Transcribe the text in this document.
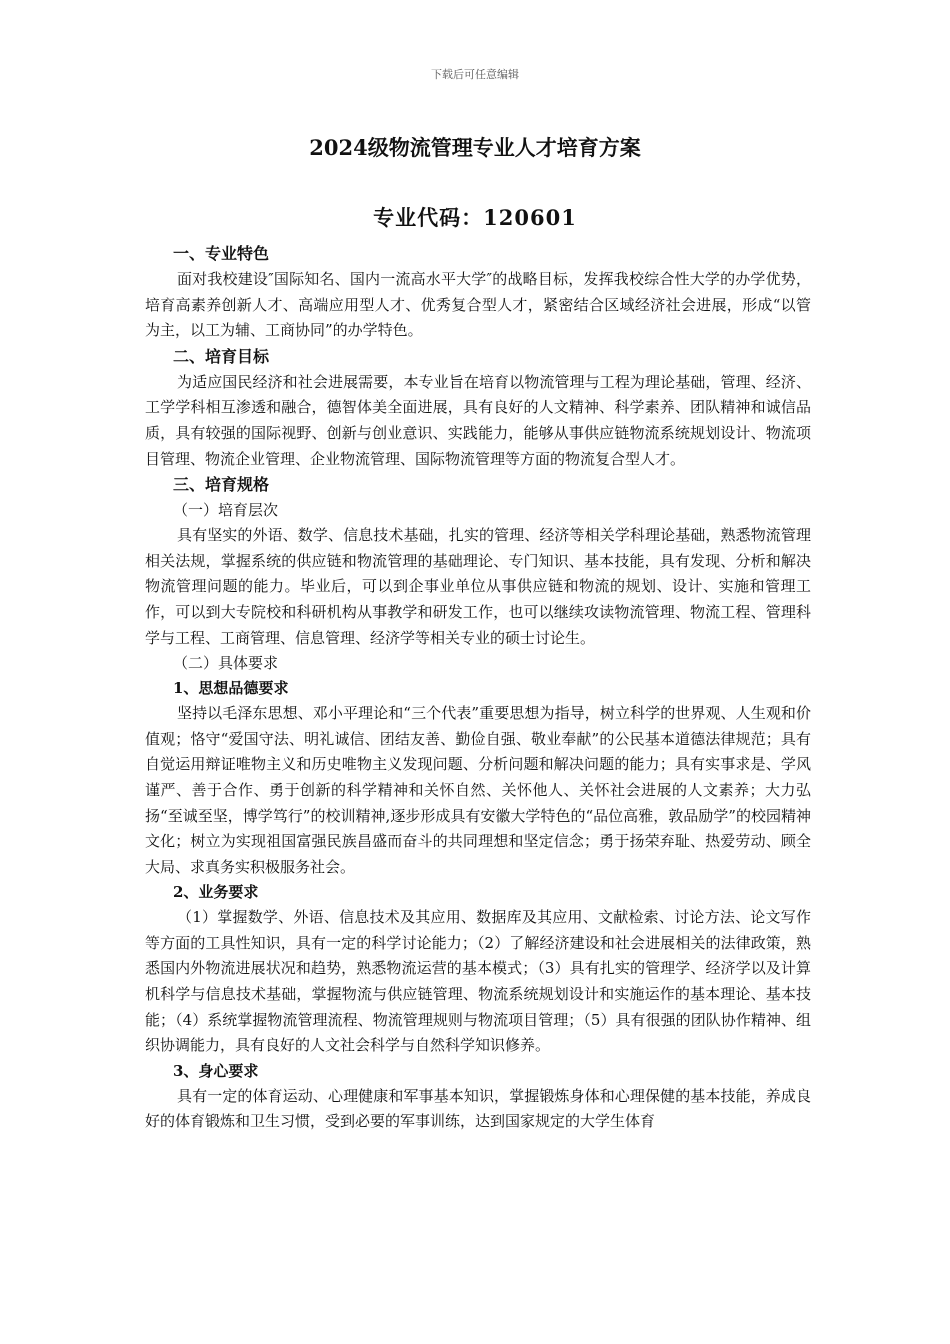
下载后可任意编辑
2024级物流管理专业人才培育方案
专业代码：120601
一、专业特色
面对我校建设″国际知名、国内一流高水平大学″的战略目标，发挥我校综合性大学的办学优势，培育高素养创新人才、高端应用型人才、优秀复合型人才，紧密结合区域经济社会进展，形成“以管为主，以工为辅、工商协同”的办学特色。
二、培育目标
为适应国民经济和社会进展需要，本专业旨在培育以物流管理与工程为理论基础，管理、经济、工学学科相互渗透和融合，德智体美全面进展，具有良好的人文精神、科学素养、团队精神和诚信品质，具有较强的国际视野、创新与创业意识、实践能力，能够从事供应链物流系统规划设计、物流项目管理、物流企业管理、企业物流管理、国际物流管理等方面的物流复合型人才。
三、培育规格
（一）培育层次
具有坚实的外语、数学、信息技术基础，扎实的管理、经济等相关学科理论基础，熟悉物流管理相关法规，掌握系统的供应链和物流管理的基础理论、专门知识、基本技能，具有发现、分析和解决物流管理问题的能力。毕业后，可以到企事业单位从事供应链和物流的规划、设计、实施和管理工作，可以到大专院校和科研机构从事教学和研发工作，也可以继续攻读物流管理、物流工程、管理科学与工程、工商管理、信息管理、经济学等相关专业的硕士讨论生。
（二）具体要求
1、思想品德要求
坚持以毛泽东思想、邓小平理论和“三个代表”重要思想为指导，树立科学的世界观、人生观和价值观；恪守“爱国守法、明礼诚信、团结友善、勤俭自强、敬业奉献”的公民基本道德法律规范；具有自觉运用辩证唯物主义和历史唯物主义发现问题、分析问题和解决问题的能力；具有实事求是、学风谨严、善于合作、勇于创新的科学精神和关怀自然、关怀他人、关怀社会进展的人文素养；大力弘扬“至诚至坚，博学笃行”的校训精神,逐步形成具有安徽大学特色的“品位高雅，敦品励学”的校园精神文化；树立为实现祖国富强民族昌盛而奋斗的共同理想和坚定信念；勇于扬荣弃耻、热爱劳动、顾全大局、求真务实积极服务社会。
2、业务要求
（1）掌握数学、外语、信息技术及其应用、数据库及其应用、文献检索、讨论方法、论文写作等方面的工具性知识，具有一定的科学讨论能力；（2）了解经济建设和社会进展相关的法律政策，熟悉国内外物流进展状况和趋势，熟悉物流运营的基本模式；（3）具有扎实的管理学、经济学以及计算机科学与信息技术基础，掌握物流与供应链管理、物流系统规划设计和实施运作的基本理论、基本技能；（4）系统掌握物流管理流程、物流管理规则与物流项目管理；（5）具有很强的团队协作精神、组织协调能力，具有良好的人文社会科学与自然科学知识修养。
3、身心要求
具有一定的体育运动、心理健康和军事基本知识，掌握锻炼身体和心理保健的基本技能，养成良好的体育锻炼和卫生习惯，受到必要的军事训练，达到国家规定的大学生体育
